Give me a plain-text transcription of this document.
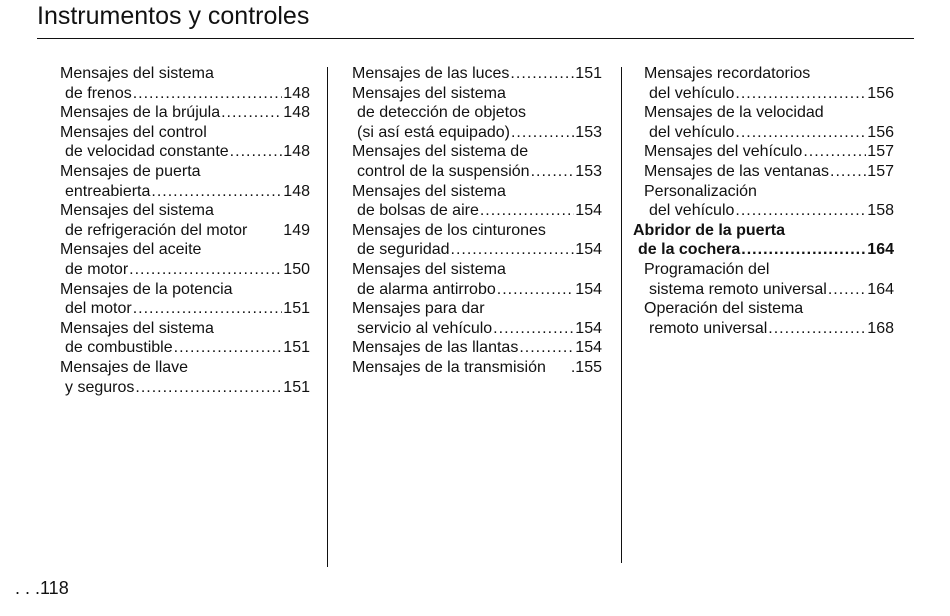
Instrumentos y controles
Mensajes del sistema
de frenos .....	148
Mensajes de la brújula .....	148
Mensajes del control
de velocidad constante .....	148
Mensajes de puerta
entreabierta .....	148
Mensajes del sistema
de refrigeración del motor 149
Mensajes del aceite
de motor .....	150
Mensajes de la potencia
del motor .....	151
Mensajes del sistema
de combustible .....	151
Mensajes de llave
y seguros .....	151
Mensajes de las luces .....	151
Mensajes del sistema
de detección de objetos
(si así está equipado) .....	153
Mensajes del sistema de
control de la suspensión .....	153
Mensajes del sistema
de bolsas de aire .....	154
Mensajes de los cinturones
de seguridad .....	154
Mensajes del sistema
de alarma antirrobo .....	154
Mensajes para dar
servicio al vehículo .....	154
Mensajes de las llantas .....	154
Mensajes de la transmisión .155
Mensajes recordatorios
del vehículo .....	156
Mensajes de la velocidad
del vehículo .....	156
Mensajes del vehículo .....	157
Mensajes de las ventanas ..... 157
Personalización
del vehículo .....	158
Abridor de la puerta
de la cochera .....	164
Programación del
sistema remoto universal .....	164
Operación del sistema
remoto universal .....	168
. . .118
